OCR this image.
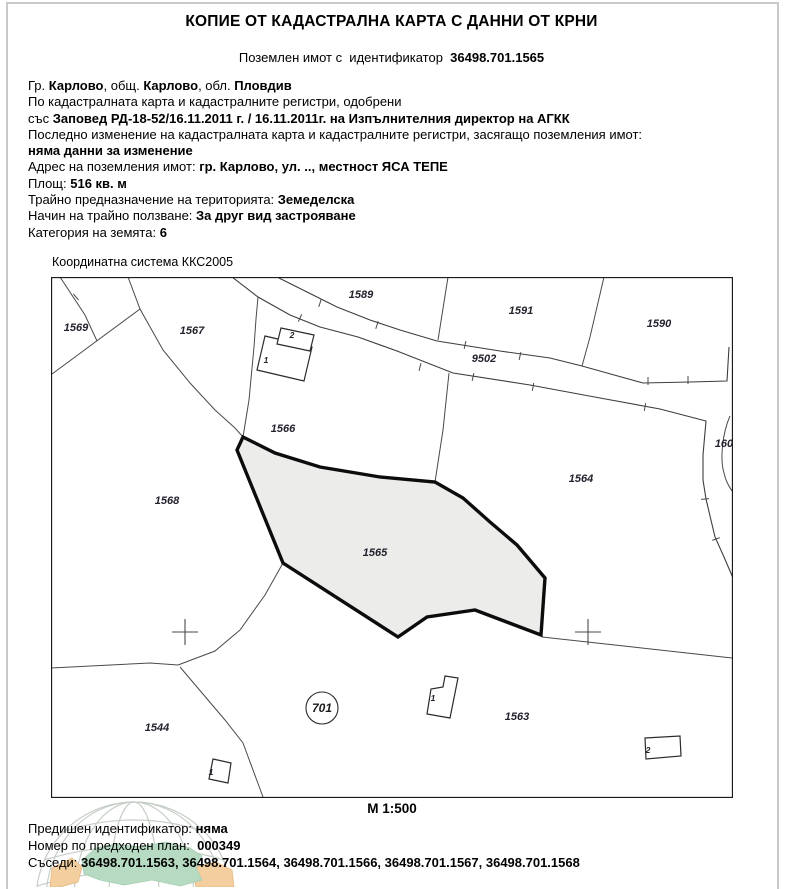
КОПИЕ ОТ КАДАСТРАЛНА КАРТА С ДАННИ ОТ КРНИ
Поземлен имот с  идентификатор  36498.701.1565
Гр. Карлово, общ. Карлово, обл. Пловдив
По кадастралната карта и кадастралните регистри, одобрени
със Заповед РД-18-52/16.11.2011 г. / 16.11.2011г. на Изпълнителния директор на АГКК
Последно изменение на кадастралната карта и кадастралните регистри, засягащо поземления имот:
няма данни за изменение
Адрес на поземления имот: гр. Карлово, ул. .., местност ЯСА ТЕПЕ
Площ: 516 кв. м
Трайно предназначение на територията: Земеделска
Начин на трайно ползване: За друг вид застрояване
Категория на земята: 6
Координатна система ККС2005
701
1569	1567
1589
1591
1590
9502
1566
1568
1564
1565
1544
1563
160
1
2
1
1
2
М 1:500
Предишен идентификатор: няма
Номер по предходен план:  000349
Съседи: 36498.701.1563, 36498.701.1564, 36498.701.1566, 36498.701.1567, 36498.701.1568
